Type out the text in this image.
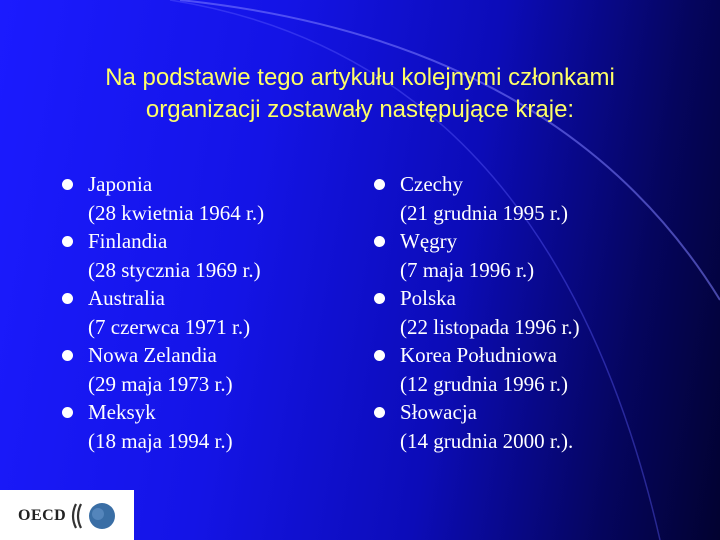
Na podstawie tego artykułu kolejnymi członkami
organizacji zostawały następujące kraje:
Japonia
(28 kwietnia 1964 r.)
Finlandia
(28 stycznia 1969 r.)
Australia
(7 czerwca 1971 r.)
Nowa Zelandia
(29 maja 1973 r.)
Meksyk
(18 maja 1994 r.)
Czechy
(21 grudnia 1995 r.)
Węgry
(7 maja 1996 r.)
Polska
(22 listopada 1996 r.)
Korea Południowa
(12 grudnia 1996 r.)
Słowacja
(14 grudnia 2000 r.).
OECD
